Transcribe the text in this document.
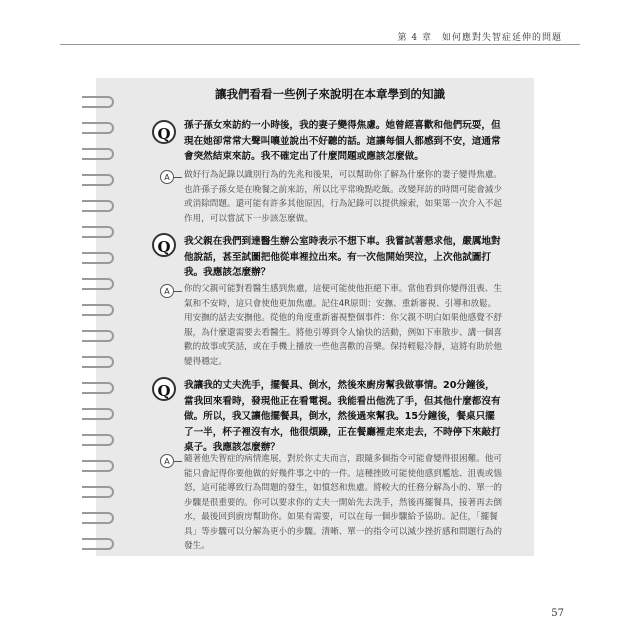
第 4 章　如何應對失智症延伸的問題
讓我們看看一些例子來說明在本章學到的知識
Q	孫子孫女來訪約一小時後，我的妻子變得焦慮。她曾經喜歡和他們玩耍，但現在她卻常常大聲叫嚷並說出不好聽的話。這讓每個人都感到不安，這通常會突然結束來訪。我不確定出了什麼問題或應該怎麼做。
A	做好行為記錄以識別行為的先兆和後果，可以幫助你了解為什麼你的妻子變得焦慮。也許孫子孫女是在晚餐之前來訪，所以比平常晚點吃飯。改變拜訪的時間可能會減少或消除問題。還可能有許多其他原因，行為記錄可以提供線索，如果第一次介入不起作用，可以嘗試下一步該怎麼做。
Q	我父親在我們到達醫生辦公室時表示不想下車。我嘗試著懇求他，嚴厲地對他說話，甚至試圖把他從車裡拉出來。有一次他開始哭泣，上次他試圖打我。我應該怎麼辦？
A	你的父親可能對看醫生感到焦慮，這便可能使他拒絕下車。當他看到你變得沮喪、生氣和不安時，這只會使他更加焦慮。記住4R原則：安撫、重新審視、引導和放鬆。用安撫的話去安撫他。從他的角度重新審視整個事件：你父親不明白如果他感覺不舒服，為什麼還需要去看醫生。將他引導到令人愉快的活動，例如下車散步、講一個喜歡的故事或笑話，或在手機上播放一些他喜歡的音樂。保持輕鬆冷靜，這將有助於他變得穩定。
Q	我讓我的丈夫洗手，擺餐具、倒水，然後來廚房幫我做事情。20分鐘後，當我回來看時，發現他正在看電視。我能看出他洗了手，但其他什麼都沒有做。所以，我又讓他擺餐具，倒水，然後過來幫我。15分鐘後，餐桌只擺了一半，杯子裡沒有水，他很煩躁，正在餐廳裡走來走去，不時停下來敲打桌子。我應該怎麼辦？
A	隨著他失智症的病情進展，對於你丈夫而言，跟隨多個指令可能會變得很困難。他可能只會記得你要他做的好幾件事之中的一件。這種挫敗可能使他感到尷尬、沮喪或惱怒，這可能導致行為問題的發生，如憤怒和焦慮。將較大的任務分解為小的、單一的步驟是很重要的。你可以要求你的丈夫一開始先去洗手，然後再擺餐具，接著再去倒水，最後回到廚房幫助你。如果有需要，可以在每一個步驟給予協助。記住，「擺餐具」等步驟可以分解為更小的步驟。清晰、單一的指令可以減少挫折感和問題行為的發生。
57
